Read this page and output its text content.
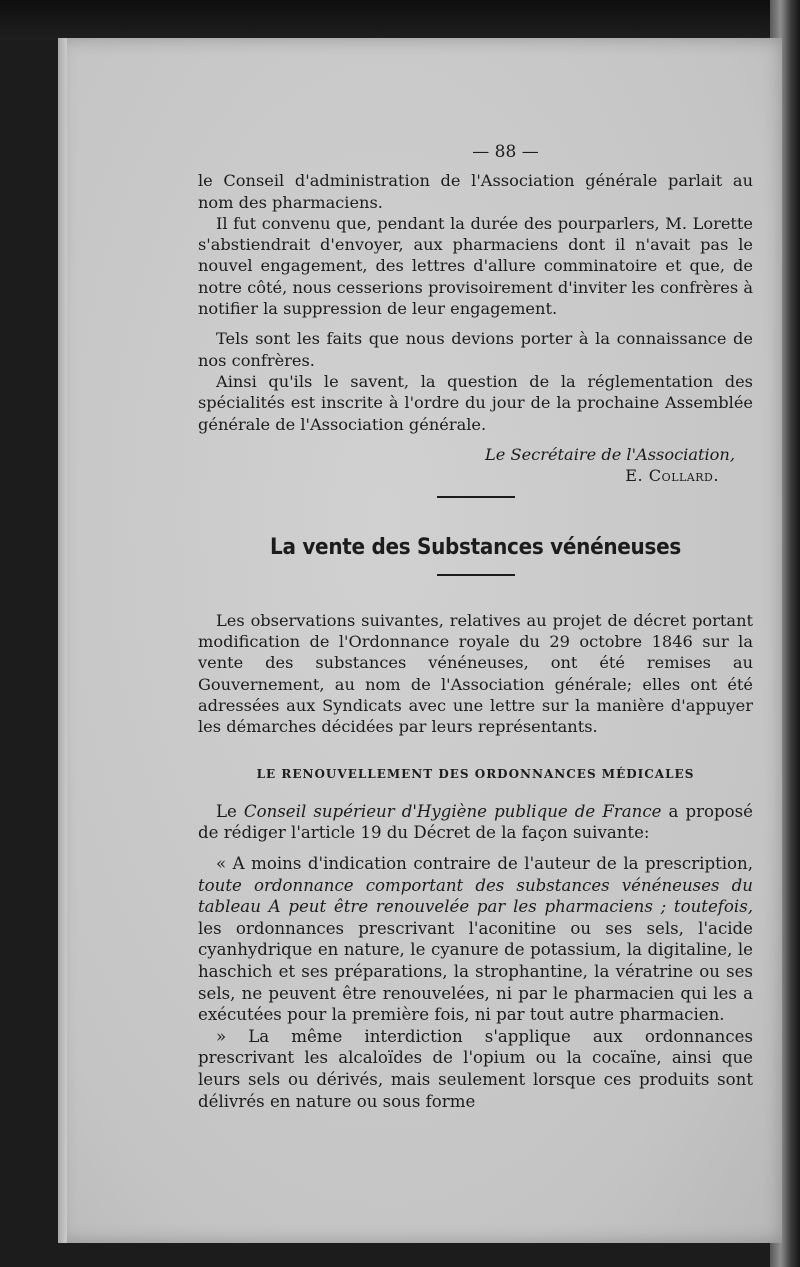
— 88 —

le Conseil d'administration de l'Association générale parlait au nom des pharmaciens.

Il fut convenu que, pendant la durée des pourparlers, M. Lorette s'abstiendrait d'envoyer, aux pharmaciens dont il n'avait pas le nouvel engagement, des lettres d'allure comminatoire et que, de notre côté, nous cesserions provisoirement d'inviter les confrères à notifier la suppression de leur engagement.

Tels sont les faits que nous devions porter à la connaissance de nos confrères.

Ainsi qu'ils le savent, la question de la réglementation des spécialités est inscrite à l'ordre du jour de la prochaine Assemblée générale de l'Association générale.

Le Secrétaire de l'Association,

E. Collard.

La vente des Substances vénéneuses

Les observations suivantes, relatives au projet de décret portant modification de l'Ordonnance royale du 29 octobre 1846 sur la vente des substances vénéneuses, ont été remises au Gouvernement, au nom de l'Association générale; elles ont été adressées aux Syndicats avec une lettre sur la manière d'appuyer les démarches décidées par leurs représentants.

LE RENOUVELLEMENT DES ORDONNANCES MÉDICALES

Le Conseil supérieur d'Hygiène publique de France a proposé de rédiger l'article 19 du Décret de la façon suivante:

« A moins d'indication contraire de l'auteur de la prescription, toute ordonnance comportant des substances vénéneuses du tableau A peut être renouvelée par les pharmaciens ; toutefois, les ordonnances prescrivant l'aconitine ou ses sels, l'acide cyanhydrique en nature, le cyanure de potassium, la digitaline, le haschich et ses préparations, la strophantine, la vératrine ou ses sels, ne peuvent être renouvelées, ni par le pharmacien qui les a exécutées pour la première fois, ni par tout autre pharmacien.

» La même interdiction s'applique aux ordonnances prescrivant les alcaloïdes de l'opium ou la cocaïne, ainsi que leurs sels ou dérivés, mais seulement lorsque ces produits sont délivrés en nature ou sous forme
